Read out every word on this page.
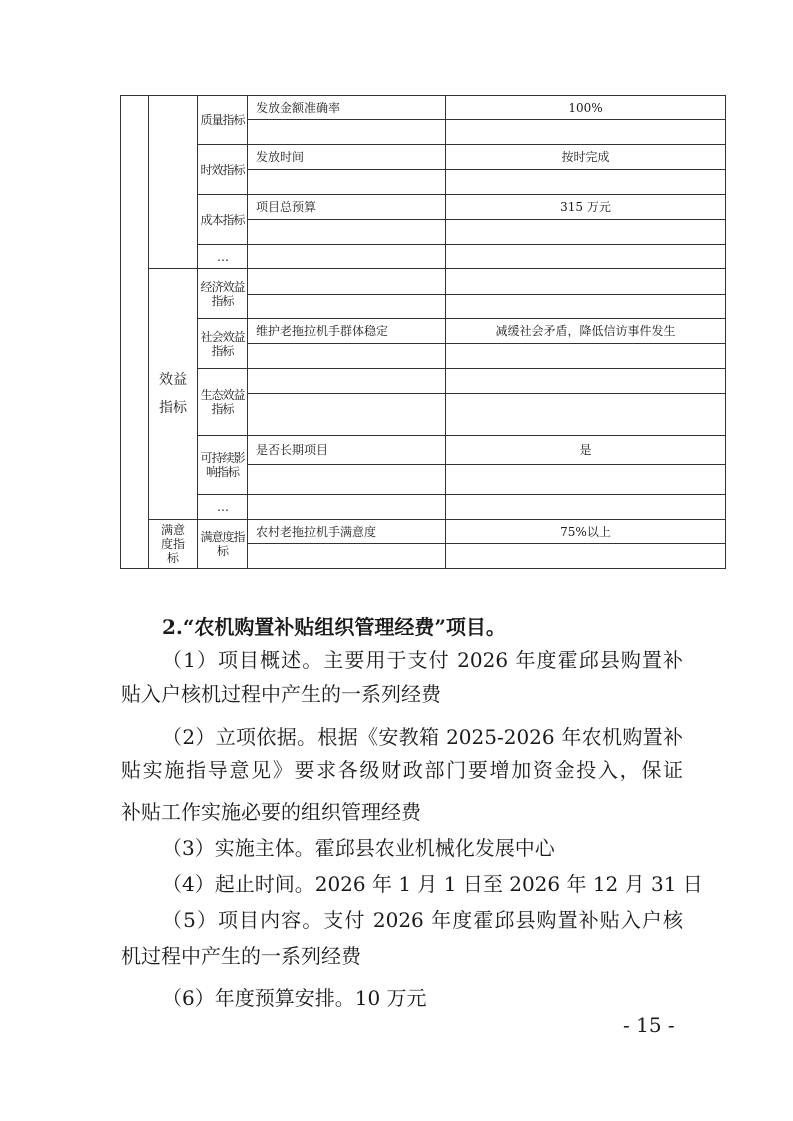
		质量指标	发放金额准确率	100%

		时效指标	发放时间	按时完成

		成本指标	项目总预算	315 万元

		…		
	效益指标	经济效益指标		

		社会效益指标	维护老拖拉机手群体稳定	减缓社会矛盾，降低信访事件发生

		生态效益指标		

		可持续影响指标	是否长期项目	是

		…		
	满意度指标	满意度指标	农村老拖拉机手满意度	75%以上

2.“农机购置补贴组织管理经费”项目。
（1）项目概述。主要用于支付 2026 年度霍邱县购置补
贴入户核机过程中产生的一系列经费
（2）立项依据。根据《安教箱 2025-2026 年农机购置补
贴实施指导意见》要求各级财政部门要增加资金投入，保证
补贴工作实施必要的组织管理经费
（3）实施主体。霍邱县农业机械化发展中心
（4）起止时间。2026 年 1 月 1 日至 2026 年 12 月 31 日
（5）项目内容。支付 2026 年度霍邱县购置补贴入户核
机过程中产生的一系列经费
（6）年度预算安排。10 万元
- 15 -
